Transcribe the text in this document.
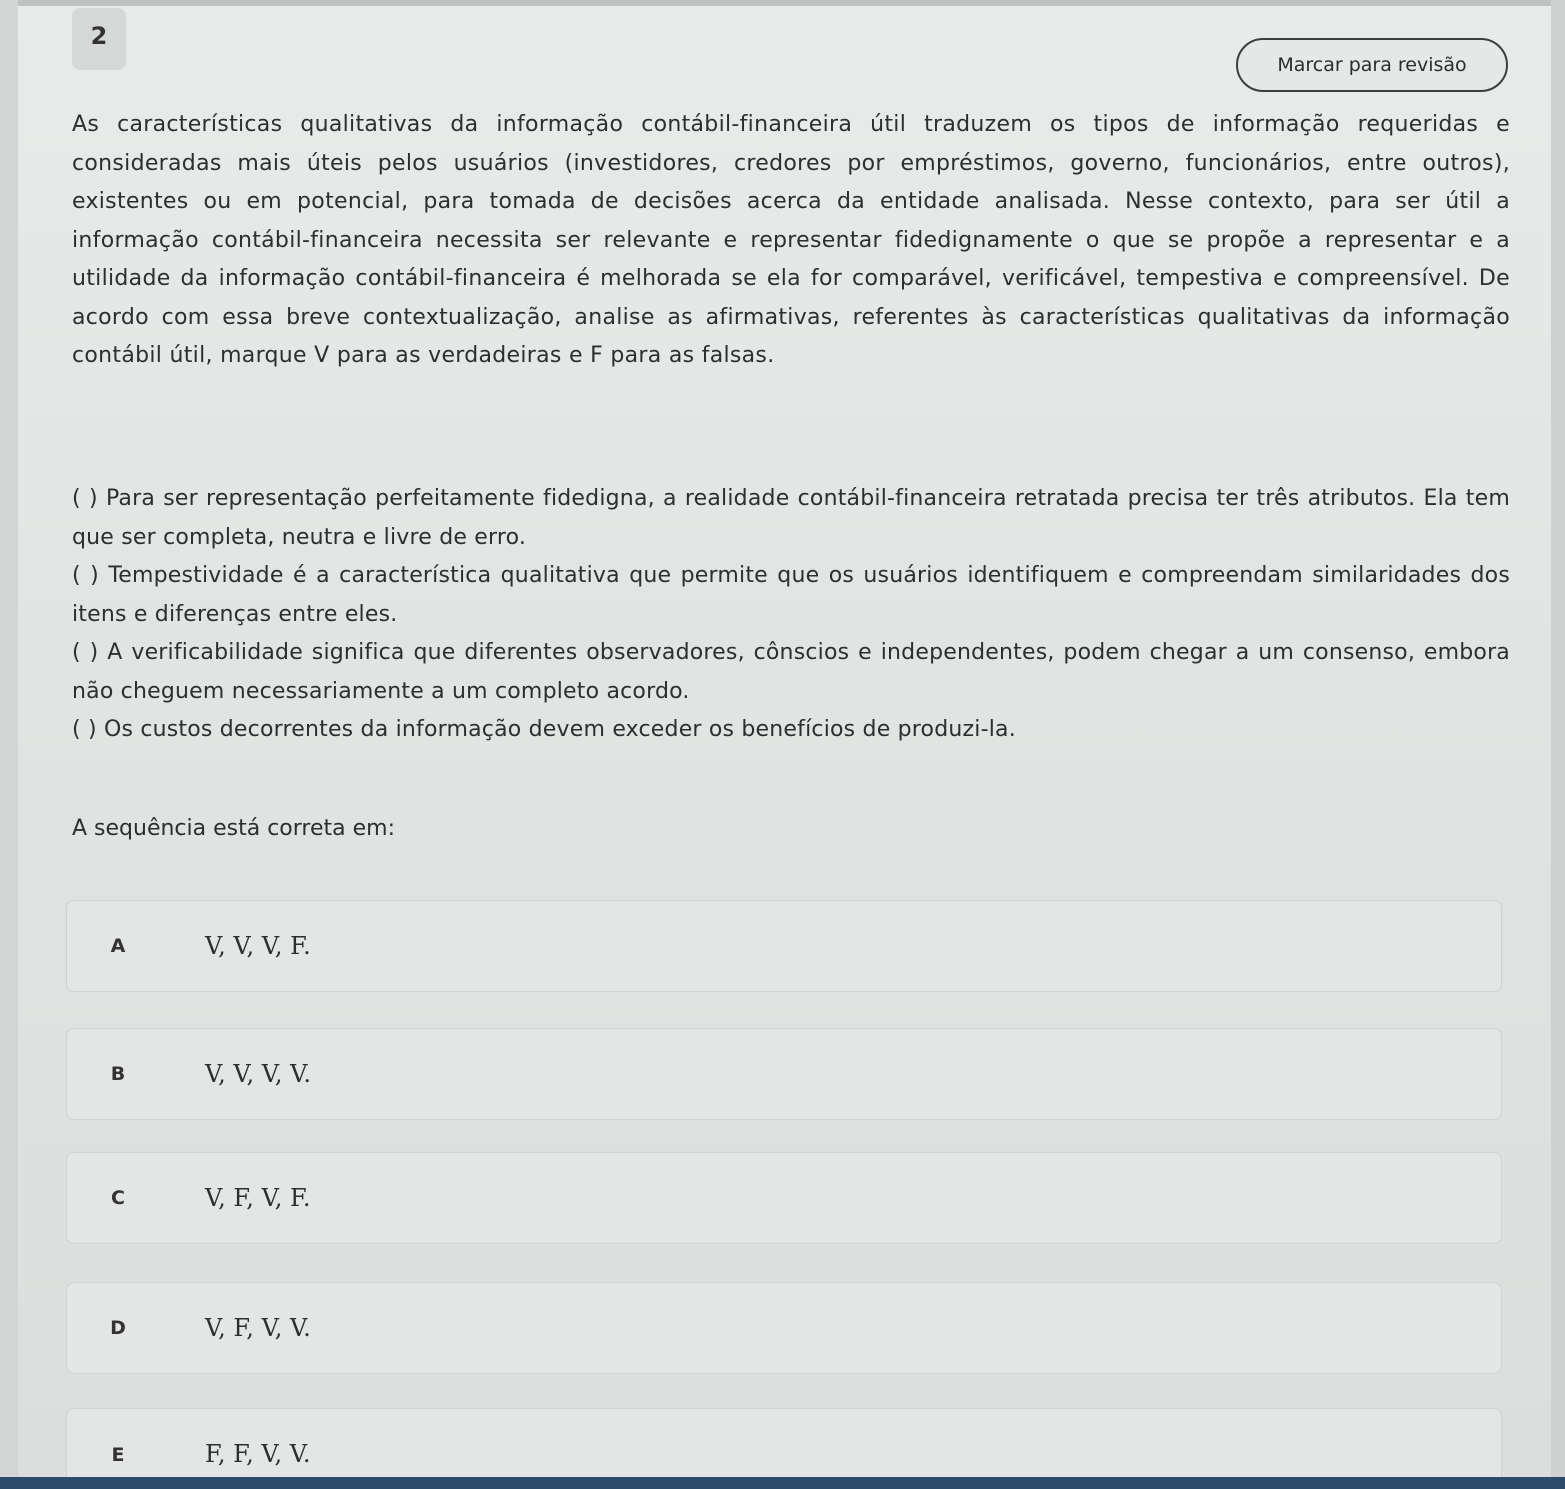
2
Marcar para revisão
As características qualitativas da informação contábil-financeira útil traduzem os tipos de informação requeridas e consideradas mais úteis pelos usuários (investidores, credores por empréstimos, governo, funcionários, entre outros), existentes ou em potencial, para tomada de decisões acerca da entidade analisada. Nesse contexto, para ser útil a informação contábil-financeira necessita ser relevante e representar fidedignamente o que se propõe a representar e a utilidade da informação contábil-financeira é melhorada se ela for comparável, verificável, tempestiva e compreensível. De acordo com essa breve contextualização, analise as afirmativas, referentes às características qualitativas da informação contábil útil, marque V para as verdadeiras e F para as falsas.
( ) Para ser representação perfeitamente fidedigna, a realidade contábil-financeira retratada precisa ter três atributos. Ela tem que ser completa, neutra e livre de erro.
( ) Tempestividade é a característica qualitativa que permite que os usuários identifiquem e compreendam similaridades dos itens e diferenças entre eles.
( ) A verificabilidade significa que diferentes observadores, cônscios e independentes, podem chegar a um consenso, embora não cheguem necessariamente a um completo acordo.
( ) Os custos decorrentes da informação devem exceder os benefícios de produzi-la.
A sequência está correta em:
A	V, V, V, F.
B	V, V, V, V.
C	V, F, V, F.
D	V, F, V, V.
E	F, F, V, V.
